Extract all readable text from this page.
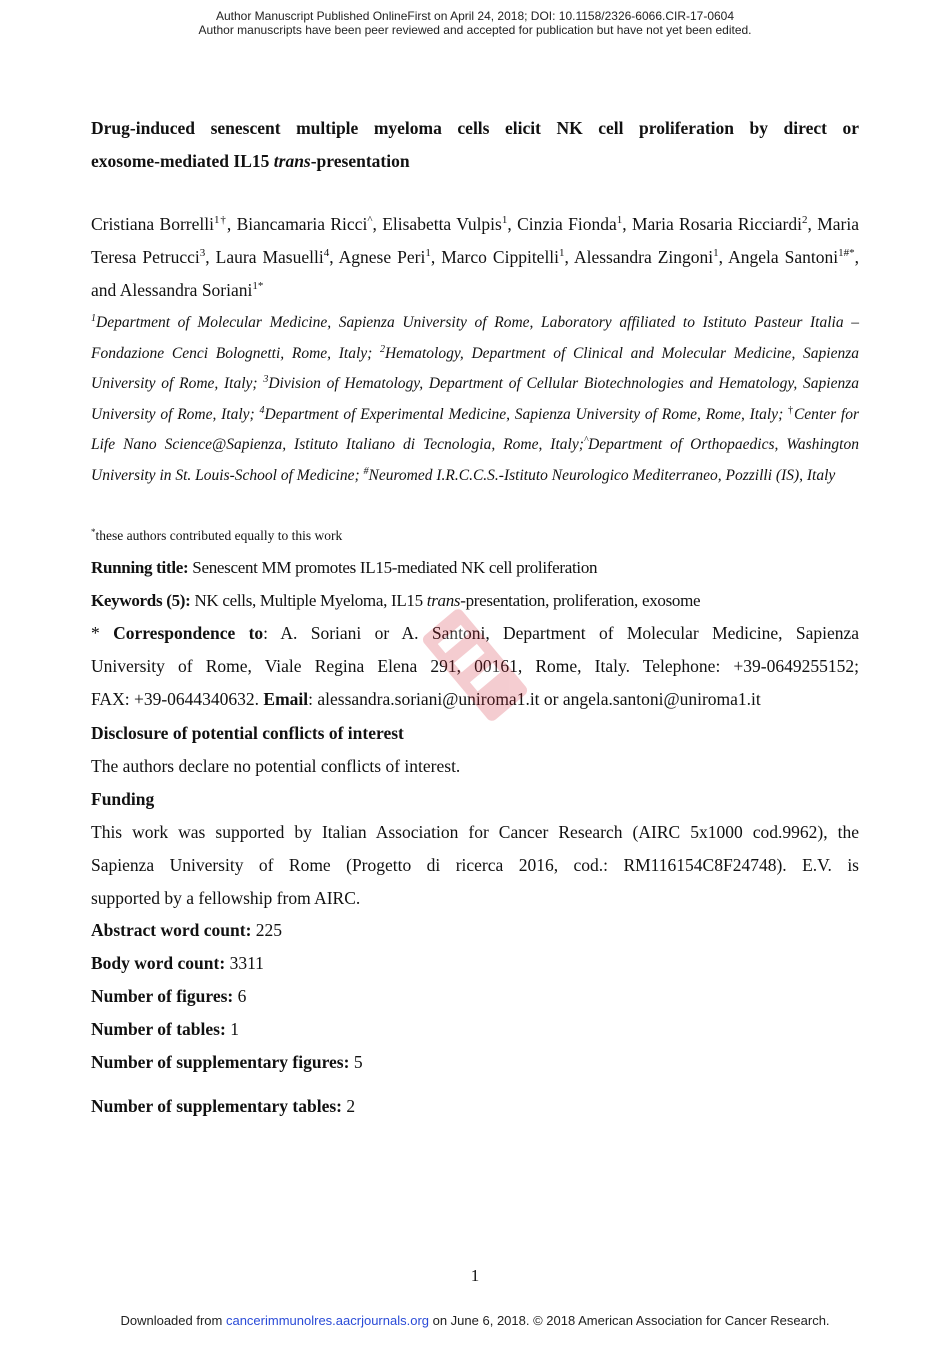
Author Manuscript Published OnlineFirst on April 24, 2018; DOI: 10.1158/2326-6066.CIR-17-0604
Author manuscripts have been peer reviewed and accepted for publication but have not yet been edited.
Drug-induced senescent multiple myeloma cells elicit NK cell proliferation by direct or
exosome-mediated IL15 trans-presentation
Cristiana Borrelli$^{1\dagger}$, Biancamaria Ricci^, Elisabetta Vulpis$^1$, Cinzia Fionda$^1$, Maria Rosaria Ricciardi$^2$, Maria Teresa Petrucci$^3$, Laura Masuelli$^4$, Agnese Peri$^1$, Marco Cippitelli$^1$, Alessandra Zingoni$^1$, Angela Santoni$^{1\#*}$, and Alessandra Soriani$^{1*}$
$^1$Department of Molecular Medicine, Sapienza University of Rome, Laboratory affiliated to Istituto Pasteur Italia – Fondazione Cenci Bolognetti, Rome, Italy; $^2$Hematology, Department of Clinical and Molecular Medicine, Sapienza University of Rome, Italy; $^3$Division of Hematology, Department of Cellular Biotechnologies and Hematology, Sapienza University of Rome, Italy; $^4$Department of Experimental Medicine, Sapienza University of Rome, Rome, Italy; †Center for Life Nano Science@Sapienza, Istituto Italiano di Tecnologia, Rome, Italy;^Department of Orthopaedics, Washington University in St. Louis-School of Medicine; #Neuromed I.R.C.C.S.-Istituto Neurologico Mediterraneo, Pozzilli (IS), Italy
*these authors contributed equally to this work
Running title: Senescent MM promotes IL15-mediated NK cell proliferation
Keywords (5): NK cells, Multiple Myeloma, IL15 trans-presentation, proliferation, exosome
* Correspondence to: A. Soriani or A. Santoni, Department of Molecular Medicine, Sapienza
University of Rome, Viale Regina Elena 291, 00161, Rome, Italy. Telephone: +39-0649255152;
FAX: +39-0644340632. Email: alessandra.soriani@uniroma1.it or angela.santoni@uniroma1.it
Disclosure of potential conflicts of interest
The authors declare no potential conflicts of interest.
Funding
This work was supported by Italian Association for Cancer Research (AIRC 5x1000 cod.9962), the
Sapienza University of Rome (Progetto di ricerca 2016, cod.: RM116154C8F24748). E.V. is
supported by a fellowship from AIRC.
Abstract word count: 225
Body word count: 3311
Number of figures: 6
Number of tables: 1
Number of supplementary figures: 5
Number of supplementary tables: 2
1
Downloaded from cancerimmunolres.aacrjournals.org on June 6, 2018. © 2018 American Association for Cancer Research.
